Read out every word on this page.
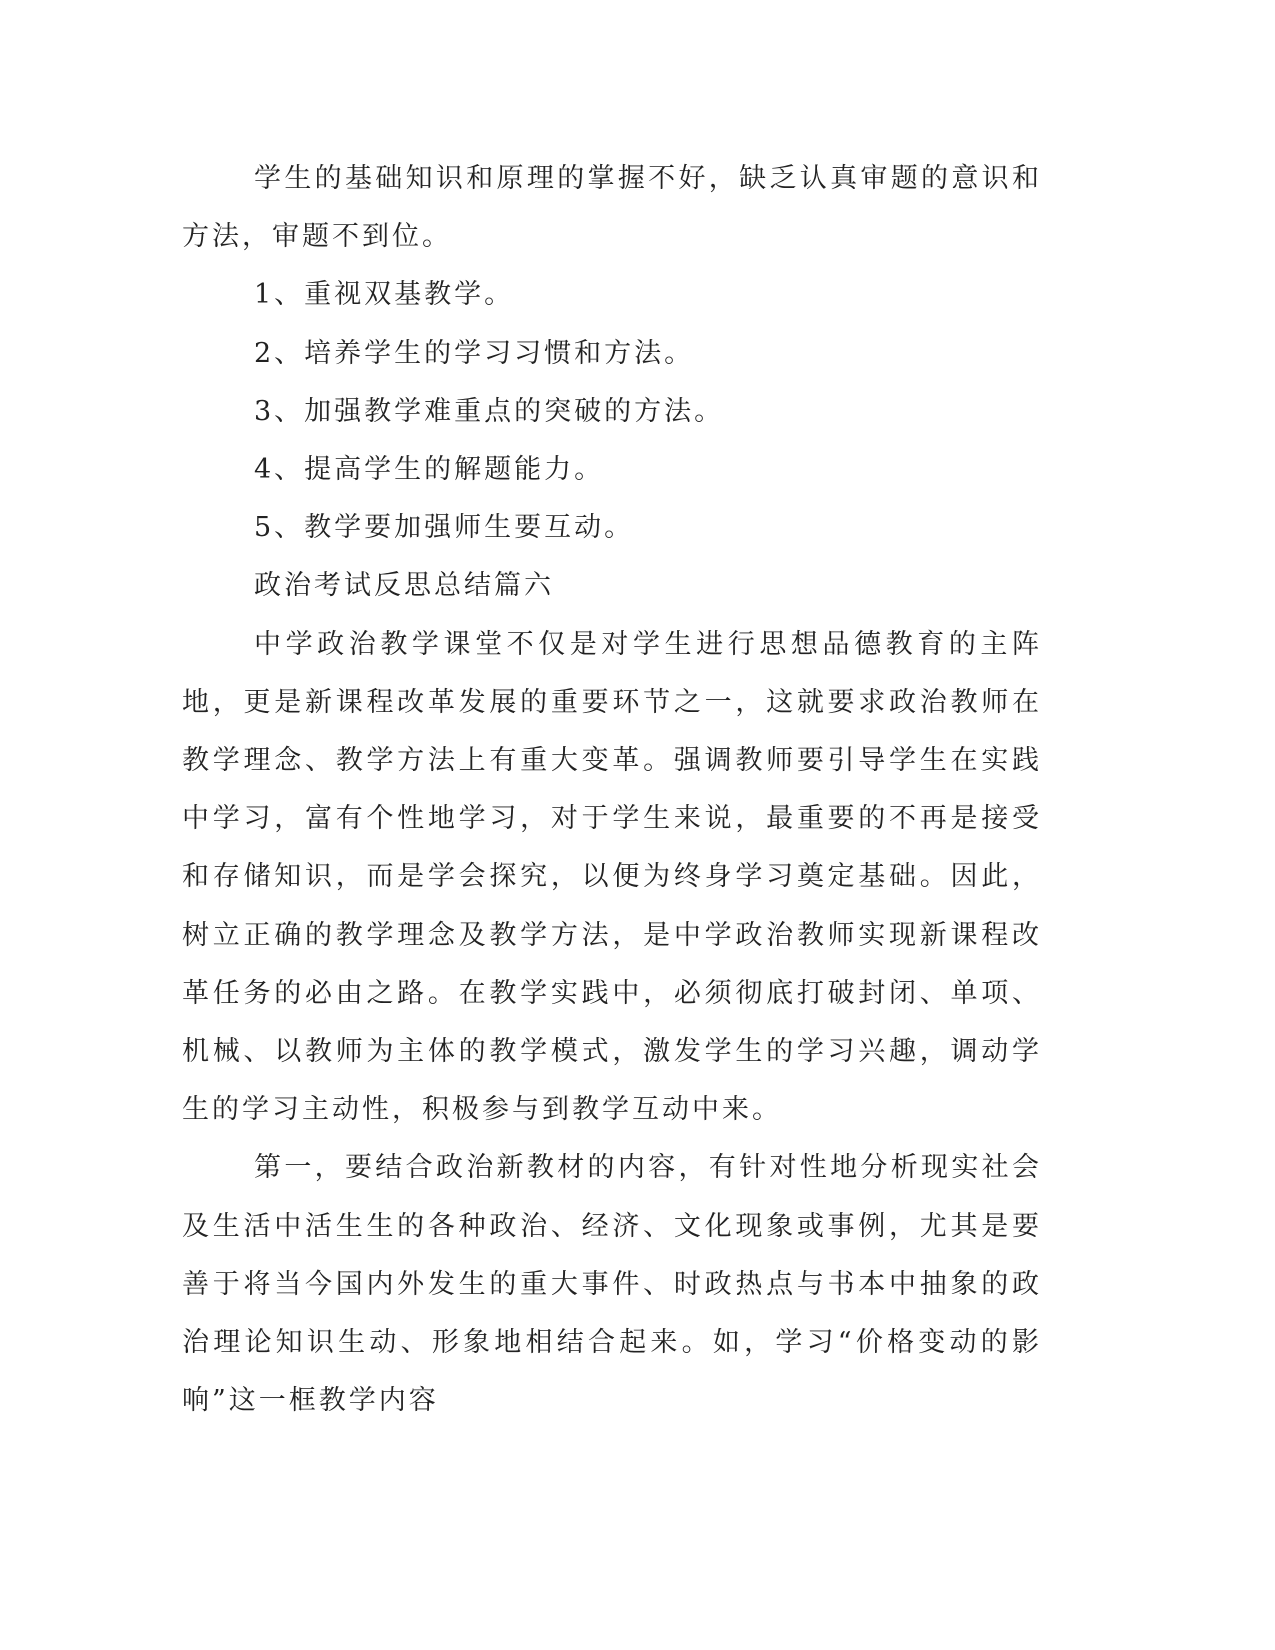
学生的基础知识和原理的掌握不好，缺乏认真审题的意识和方法，审题不到位。

1、重视双基教学。

2、培养学生的学习习惯和方法。

3、加强教学难重点的突破的方法。

4、提高学生的解题能力。

5、教学要加强师生要互动。

政治考试反思总结篇六

中学政治教学课堂不仅是对学生进行思想品德教育的主阵地，更是新课程改革发展的重要环节之一，这就要求政治教师在教学理念、教学方法上有重大变革。强调教师要引导学生在实践中学习，富有个性地学习，对于学生来说，最重要的不再是接受和存储知识，而是学会探究，以便为终身学习奠定基础。因此，树立正确的教学理念及教学方法，是中学政治教师实现新课程改革任务的必由之路。在教学实践中，必须彻底打破封闭、单项、机械、以教师为主体的教学模式，激发学生的学习兴趣，调动学生的学习主动性，积极参与到教学互动中来。

第一，要结合政治新教材的内容，有针对性地分析现实社会及生活中活生生的各种政治、经济、文化现象或事例，尤其是要善于将当今国内外发生的重大事件、时政热点与书本中抽象的政治理论知识生动、形象地相结合起来。如，学习“价格变动的影响”这一框教学内容
